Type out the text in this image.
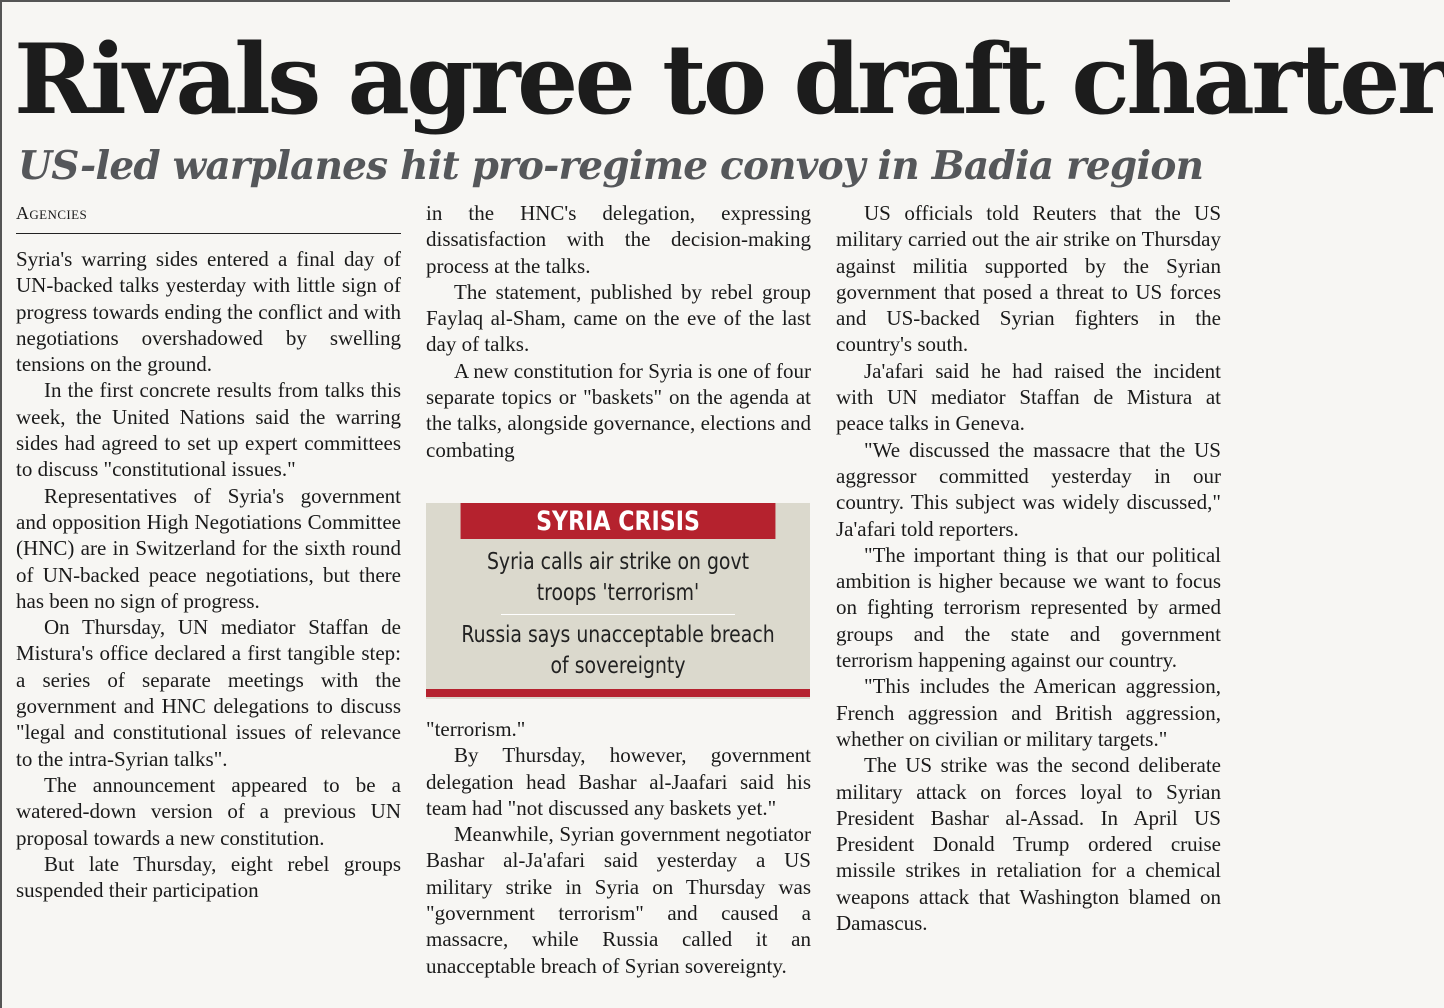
Rivals agree to draft charter
US-led warplanes hit pro-regime convoy in Badia region
Agencies

Syria's warring sides entered a final day of UN-backed talks yesterday with little sign of progress towards ending the conflict and with negotiations overshadowed by swelling tensions on the ground.

In the first concrete results from talks this week, the United Nations said the warring sides had agreed to set up expert committees to discuss "constitutional issues."

Representatives of Syria's government and opposition High Negotiations Committee (HNC) are in Switzerland for the sixth round of UN-backed peace negotiations, but there has been no sign of progress.

On Thursday, UN mediator Staffan de Mistura's office declared a first tangible step: a series of separate meetings with the government and HNC delegations to discuss "legal and constitutional issues of relevance to the intra-Syrian talks".

The announcement appeared to be a watered-down version of a previous UN proposal towards a new constitution.

But late Thursday, eight rebel groups suspended their participation

in the HNC's delegation, expressing dissatisfaction with the decision-making process at the talks.

The statement, published by rebel group Faylaq al-Sham, came on the eve of the last day of talks.

A new constitution for Syria is one of four separate topics or "baskets" on the agenda at the talks, alongside governance, elections and combating

SYRIA CRISIS
Syria calls air strike on govt troops 'terrorism'
Russia says unacceptable breach of sovereignty

"terrorism."

By Thursday, however, government delegation head Bashar al-Jaafari said his team had "not discussed any baskets yet."

Meanwhile, Syrian government negotiator Bashar al-Ja'afari said yesterday a US military strike in Syria on Thursday was "government terrorism" and caused a massacre, while Russia called it an unacceptable breach of Syrian sovereignty.

US officials told Reuters that the US military carried out the air strike on Thursday against militia supported by the Syrian government that posed a threat to US forces and US-backed Syrian fighters in the country's south.

Ja'afari said he had raised the incident with UN mediator Staffan de Mistura at peace talks in Geneva.

"We discussed the massacre that the US aggressor committed yesterday in our country. This subject was widely discussed," Ja'afari told reporters.

"The important thing is that our political ambition is higher because we want to focus on fighting terrorism represented by armed groups and the state and government terrorism happening against our country.

"This includes the American aggression, French aggression and British aggression, whether on civilian or military targets."

The US strike was the second deliberate military attack on forces loyal to Syrian President Bashar al-Assad. In April US President Donald Trump ordered cruise missile strikes in retaliation for a chemical weapons attack that Washington blamed on Damascus.
